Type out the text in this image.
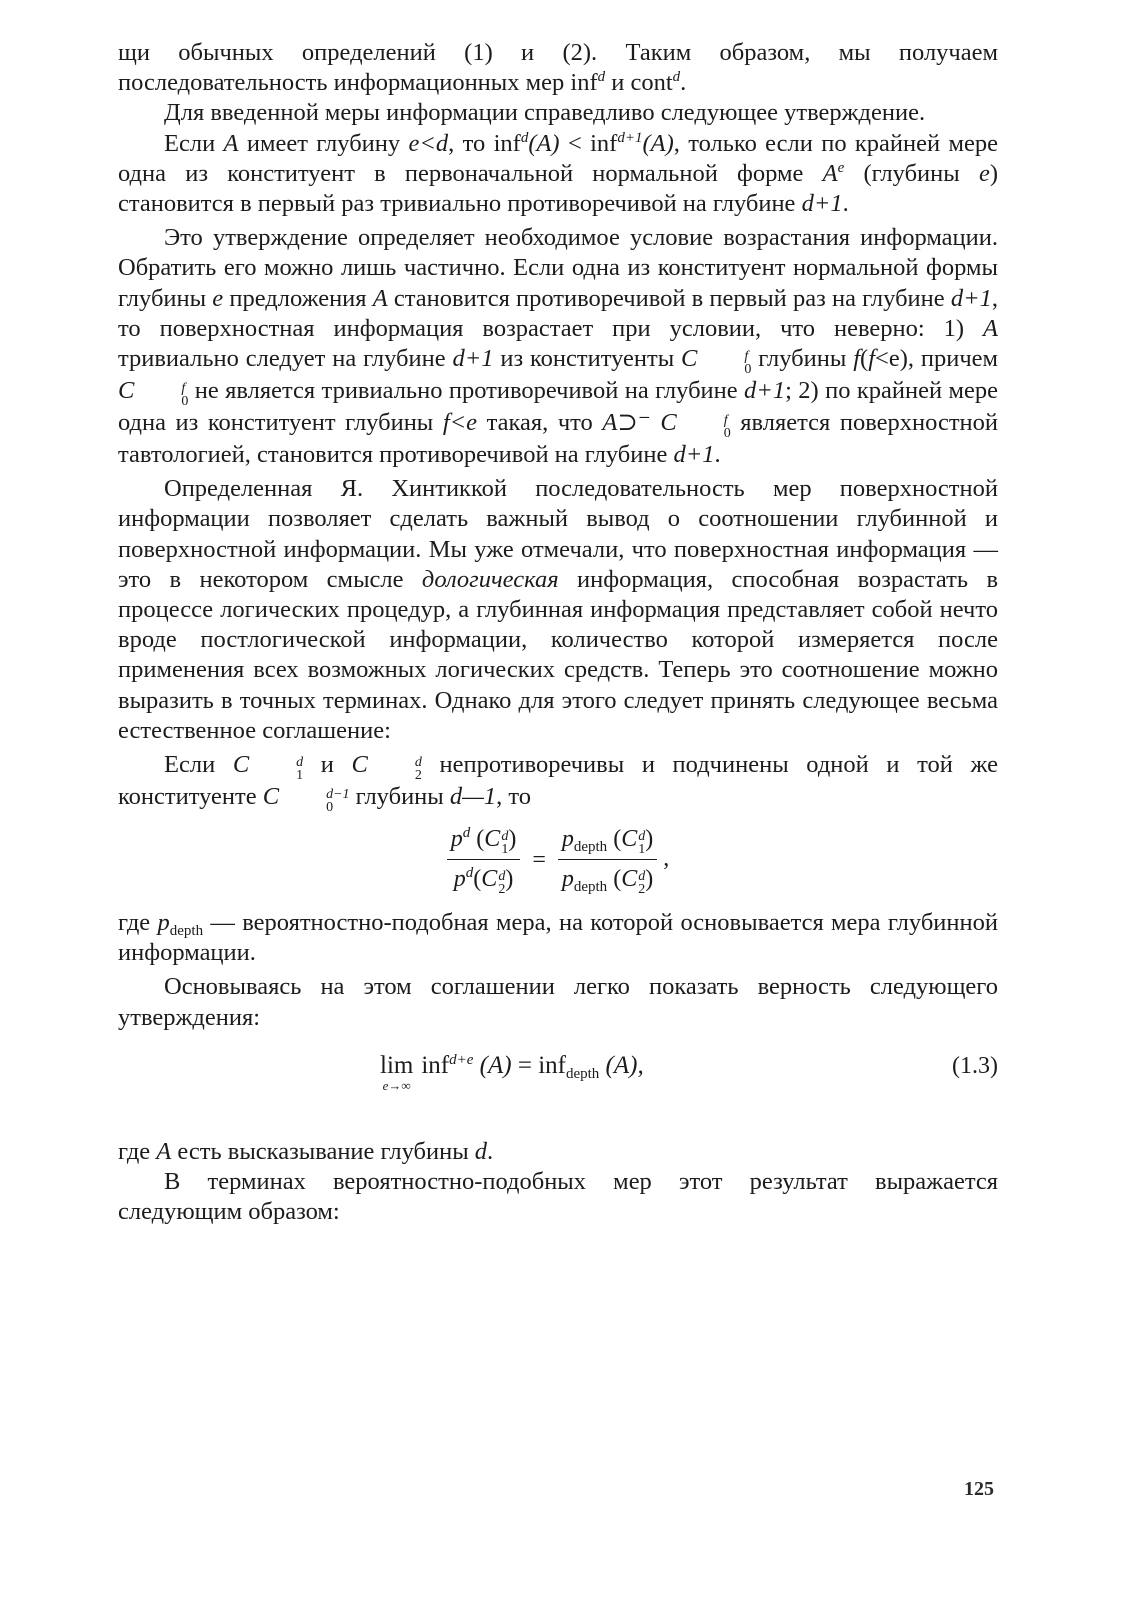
щи обычных определений (1) и (2). Таким образом, мы получаем последовательность информационных мер inf$^d$ и cont$^d$.

Для введенной меры информации справедливо следующее утверждение.

Если A имеет глубину e<d, то inf$^d$(A) < inf$^{d+1}$(A), только если по крайней мере одна из конституент в первоначальной нормальной форме $A^e$ (глубины e) становится в первый раз тривиально противоречивой на глубине d+1.

Это утверждение определяет необходимое условие возрастания информации. Обратить его можно лишь частично. Если одна из конституент нормальной формы глубины e предложения A становится противоречивой в первый раз на глубине d+1, то поверхностная информация возрастает при условии, что неверно: 1) A тривиально следует на глубине d+1 из конституенты C	f
0 глубины f(f<e), причем C	f
0 не является тривиально противоречивой на глубине d+1; 2) по крайней мере одна из конституент глубины f<e такая, что A⊃⁻ C	f
0 является поверхностной тавтологией, становится противоречивой на глубине d+1.

Определенная Я. Хинтиккой последовательность мер поверхностной информации позволяет сделать важный вывод о соотношении глубинной и поверхностной информации. Мы уже отмечали, что поверхностная информация — это в некотором смысле дологическая информация, способная возрастать в процессе логических процедур, а глубинная информация представляет собой нечто вроде постлогической информации, количество которой измеряется после применения всех возможных логических средств. Теперь это соотношение можно выразить в точных терминах. Однако для этого следует принять следующее весьма естественное соглашение:

Если C	d
1 и C	d
2 непротиворечивы и подчинены одной и той же конституенте C	d−1
0 глубины d—1, то

$p^d$ (C d
1 )
$p^d(C$ d
2 ) = $p_{depth}$ (C d
1 )
$p_{depth}$ (C d
2 ) ,

где $p_{depth}$ — вероятностно-подобная мера, на которой основывается мера глубинной информации.

Основываясь на этом соглашении легко показать верность следующего утверждения:

lim
e→∞
inf$^{d+e}$ (A) = inf$_{depth}$ (A),	(1.3)

где A есть высказывание глубины d.

В терминах вероятностно-подобных мер этот результат выражается следующим образом:

125
